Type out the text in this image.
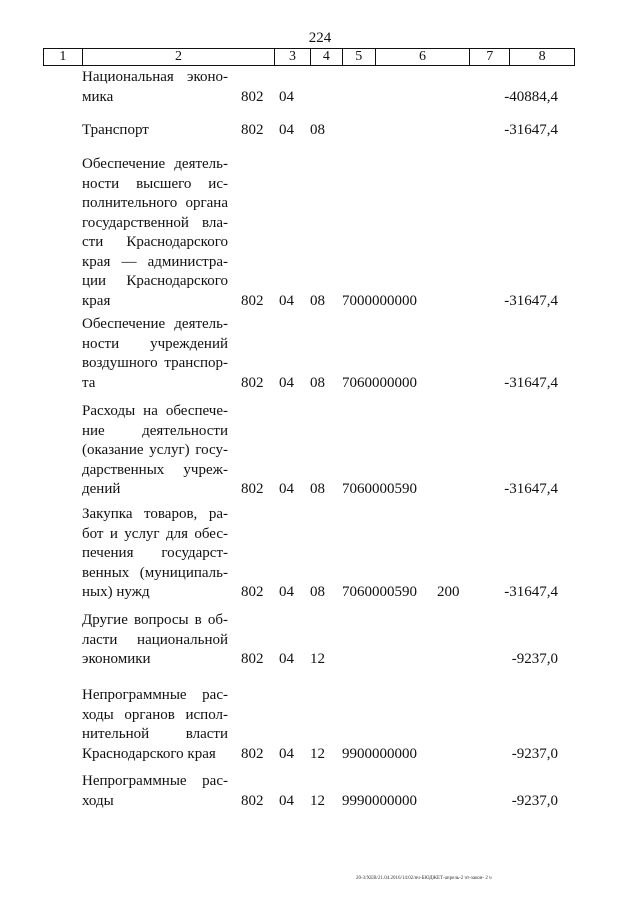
224
1	2	3	4	5	6	7	8
Национальная эконо-
мика	802 04	-40884,4
Транспорт	802 04 08	-31647,4
Обеспечение деятель-
ности высшего ис-
полнительного органа
государственной вла-
сти Краснодарского
края — администра-
ции Краснодарского
края	802 04 08 7000000000	-31647,4
Обеспечение деятель-
ности учреждений
воздушного транспор-
та	802 04 08 7060000000	-31647,4
Расходы на обеспече-
ние деятельности
(оказание услуг) госу-
дарственных учреж-
дений	802 04 08 7060000590	-31647,4
Закупка товаров, ра-
бот и услуг для обес-
печения государст-
венных (муниципаль-
ных) нужд	802 04 08 7060000590 200	-31647,4
Другие вопросы в об-
ласти национальной
экономики	802 04 12	-9237,0
Непрограммные рас-
ходы органов испол-
нительной власти
Краснодарского края	802 04 12 9900000000	-9237,0
Непрограммные рас-
ходы	802 04 12 9990000000	-9237,0
20-3/ХЕВ/21.04.2016/14:02/нч-БЮДЖЕТ-апрель-2 чт-закон- 2 ч
